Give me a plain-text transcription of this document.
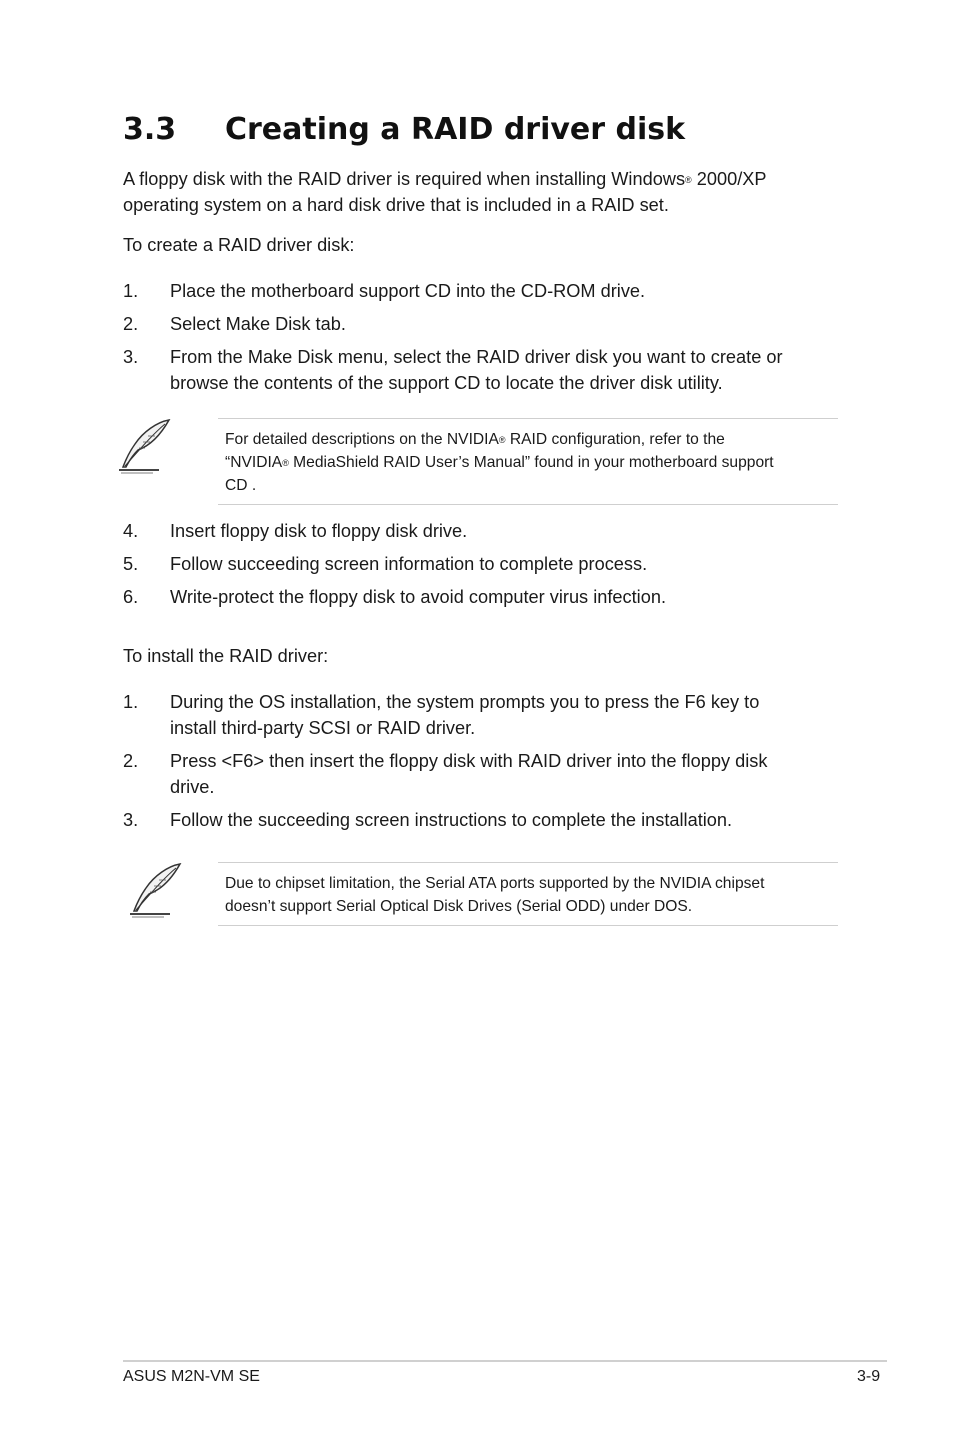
3.3 Creating a RAID driver disk
A floppy disk with the RAID driver is required when installing Windows® 2000/XP
operating system on a hard disk drive that is included in a RAID set.
To create a RAID driver disk:
1. Place the motherboard support CD into the CD-ROM drive.
2. Select Make Disk tab.
3. From the Make Disk menu, select the RAID driver disk you want to create or
browse the contents of the support CD to locate the driver disk utility.
For detailed descriptions on the NVIDIA® RAID configuration, refer to the
“NVIDIA® MediaShield RAID User’s Manual” found in your motherboard support
CD .
4. Insert floppy disk to floppy disk drive.
5. Follow succeeding screen information to complete process.
6. Write-protect the floppy disk to avoid computer virus infection.
To install the RAID driver:
1. During the OS installation, the system prompts you to press the F6 key to
install third-party SCSI or RAID driver.
2. Press <F6> then insert the floppy disk with RAID driver into the floppy disk
drive.
3. Follow the succeeding screen instructions to complete the installation.
Due to chipset limitation, the Serial ATA ports supported by the NVIDIA chipset
doesn’t support Serial Optical Disk Drives (Serial ODD) under DOS.
ASUS M2N-VM SE	3-9
